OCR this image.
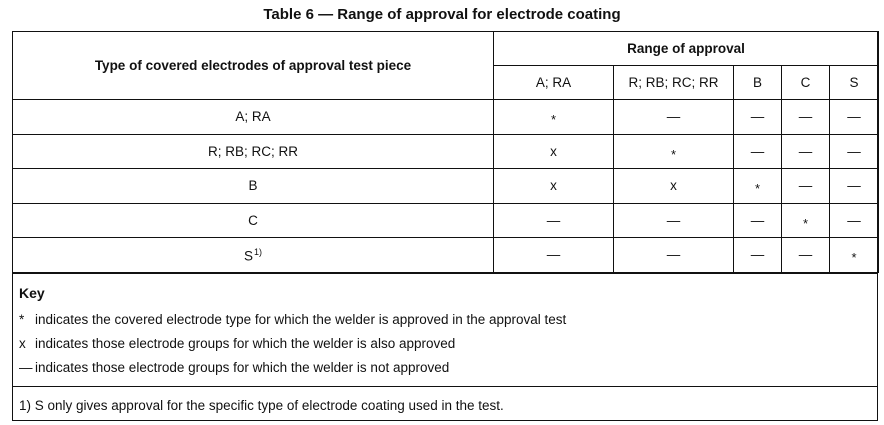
Table 6 — Range of approval for electrode coating
Type of covered electrodes of approval test piece	Range of approval				
	A; RA	R; RB; RC; RR	B	C	S
A; RA	*	—	—	—	—
R; RB; RC; RR	x	*	—	—	—
B	x	x	*	—	—
C	—	—	—	*	—
$S^{1)}$	—	—	—	—	*
Key
* indicates the covered electrode type for which the welder is approved in the approval test
x indicates those electrode groups for which the welder is also approved
— indicates those electrode groups for which the welder is not approved
1) S only gives approval for the specific type of electrode coating used in the test.
